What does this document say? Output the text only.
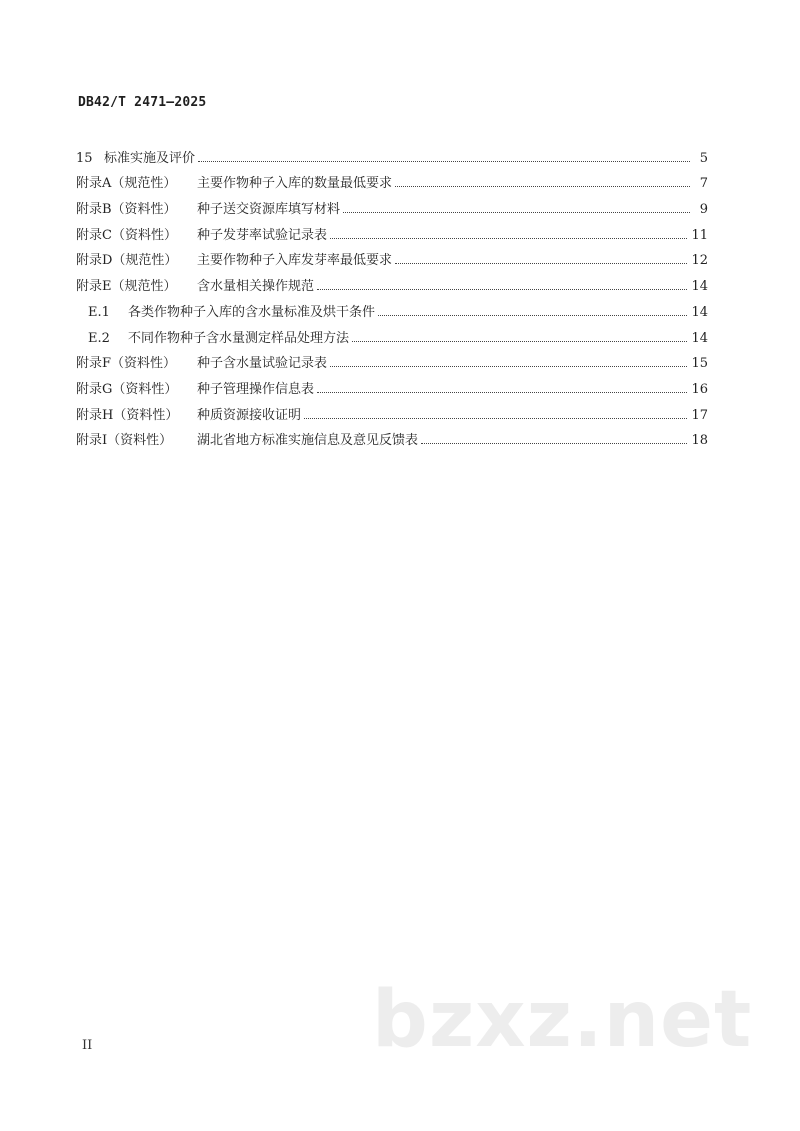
DB42/T 2471—2025
15 标准实施及评价	5
附录A（规范性）	主要作物种子入库的数量最低要求	7
附录B（资料性）	种子送交资源库填写材料	9
附录C（资料性）	种子发芽率试验记录表	11
附录D（规范性）	主要作物种子入库发芽率最低要求	12
附录E（规范性）	含水量相关操作规范	14
E.1	各类作物种子入库的含水量标准及烘干条件	14
E.2	不同作物种子含水量测定样品处理方法	14
附录F（资料性）	种子含水量试验记录表	15
附录G（资料性）	种子管理操作信息表	16
附录H（资料性）	种质资源接收证明	17
附录I（资料性）	湖北省地方标准实施信息及意见反馈表	18
bzxz.net
II
